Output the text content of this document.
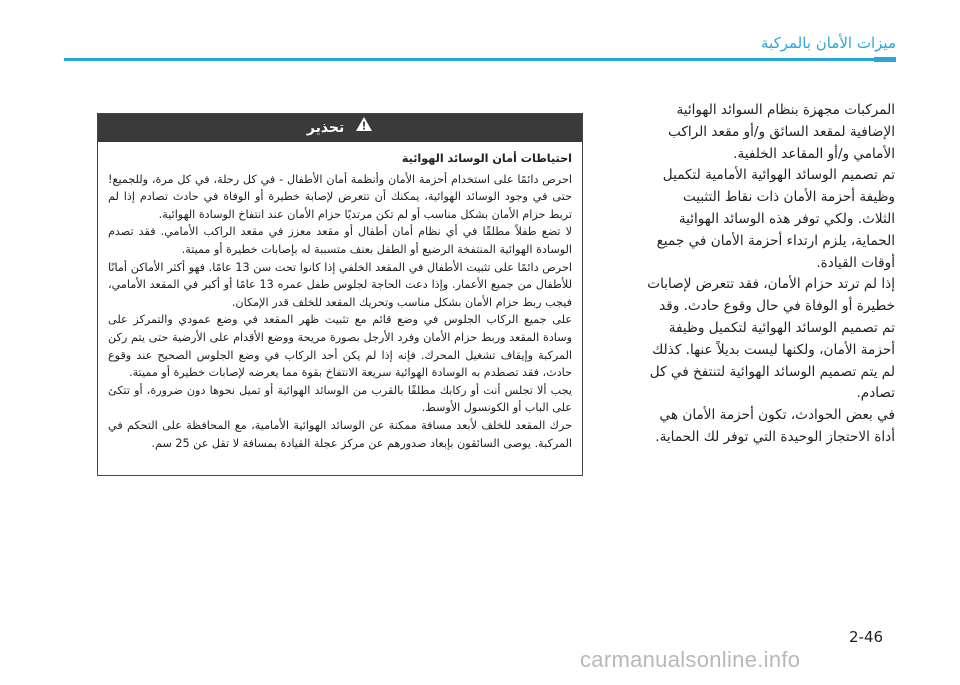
ميزات الأمان بالمركبة

المركبات مجهزة بنظام السوائد الهوائية الإضافية لمقعد السائق و/أو مقعد الراكب الأمامي و/أو المقاعد الخلفية.

تم تصميم الوسائد الهوائية الأمامية لتكميل وظيفة أحزمة الأمان ذات نقاط التثبيت الثلاث. ولكي توفر هذه الوسائد الهوائية الحماية، يلزم ارتداء أحزمة الأمان في جميع أوقات القيادة.

إذا لم ترتد حزام الأمان، فقد تتعرض لإصابات خطيرة أو الوفاة في حال وقوع حادث. وقد تم تصميم الوسائد الهوائية لتكميل وظيفة أحزمة الأمان، ولكنها ليست بديلاً عنها. كذلك لم يتم تصميم الوسائد الهوائية لتنتفخ في كل تصادم.

في بعض الحوادث، تكون أحزمة الأمان هي أداة الاحتجاز الوحيدة التي توفر لك الحماية.

تحذير

احتياطات أمان الوسائد الهوائية

احرص دائمًا على استخدام أحزمة الأمان وأنظمة أمان الأطفال - في كل رحلة، في كل مرة، وللجميع! حتى في وجود الوسائد الهوائية، يمكنك أن تتعرض لإصابة خطيرة أو الوفاة في حادث تصادم إذا لم تربط حزام الأمان بشكل مناسب أو لم تكن مرتديًا حزام الأمان عند انتفاخ الوسادة الهوائية.

لا تضع طفلاً مطلقًا في أي نظام أمان أطفال أو مقعد معزز في مقعد الراكب الأمامي. فقد تصدم الوسادة الهوائية المنتفخة الرضيع أو الطفل بعنف متسببة له بإصابات خطيرة أو مميتة.

احرص دائمًا على تثبيت الأطفال في المقعد الخلفي إذا كانوا تحت سن 13 عامًا. فهو أكثر الأماكن أمانًا للأطفال من جميع الأعمار. وإذا دعت الحاجة لجلوس طفل عمره 13 عامًا أو أكبر في المقعد الأمامي، فيجب ربط حزام الأمان بشكل مناسب وتحريك المقعد للخلف قدر الإمكان.

على جميع الركاب الجلوس في وضع قائم مع تثبيت ظهر المقعد في وضع عمودي والتمركز على وسادة المقعد وربط حزام الأمان وفرد الأرجل بصورة مريحة ووضع الأقدام على الأرضية حتى يتم ركن المركبة وإيقاف تشغيل المحرك. فإنه إذا لم يكن أحد الركاب في وضع الجلوس الصحيح عند وقوع حادث، فقد تصطدم به الوسادة الهوائية سريعة الانتفاخ بقوة مما يعرضه لإصابات خطيرة أو مميتة.

يجب ألا تجلس أنت أو ركابك مطلقًا بالقرب من الوسائد الهوائية أو تميل نحوها دون ضرورة، أو تتكئ على الباب أو الكونسول الأوسط.

حرك المقعد للخلف لأبعد مسافة ممكنة عن الوسائد الهوائية الأمامية، مع المحافظة على التحكم في المركبة. يوصى السائقون بإبعاد صدورهم عن مركز عجلة القيادة بمسافة لا تقل عن 25 سم.

2-46
carmanualsonline.info
